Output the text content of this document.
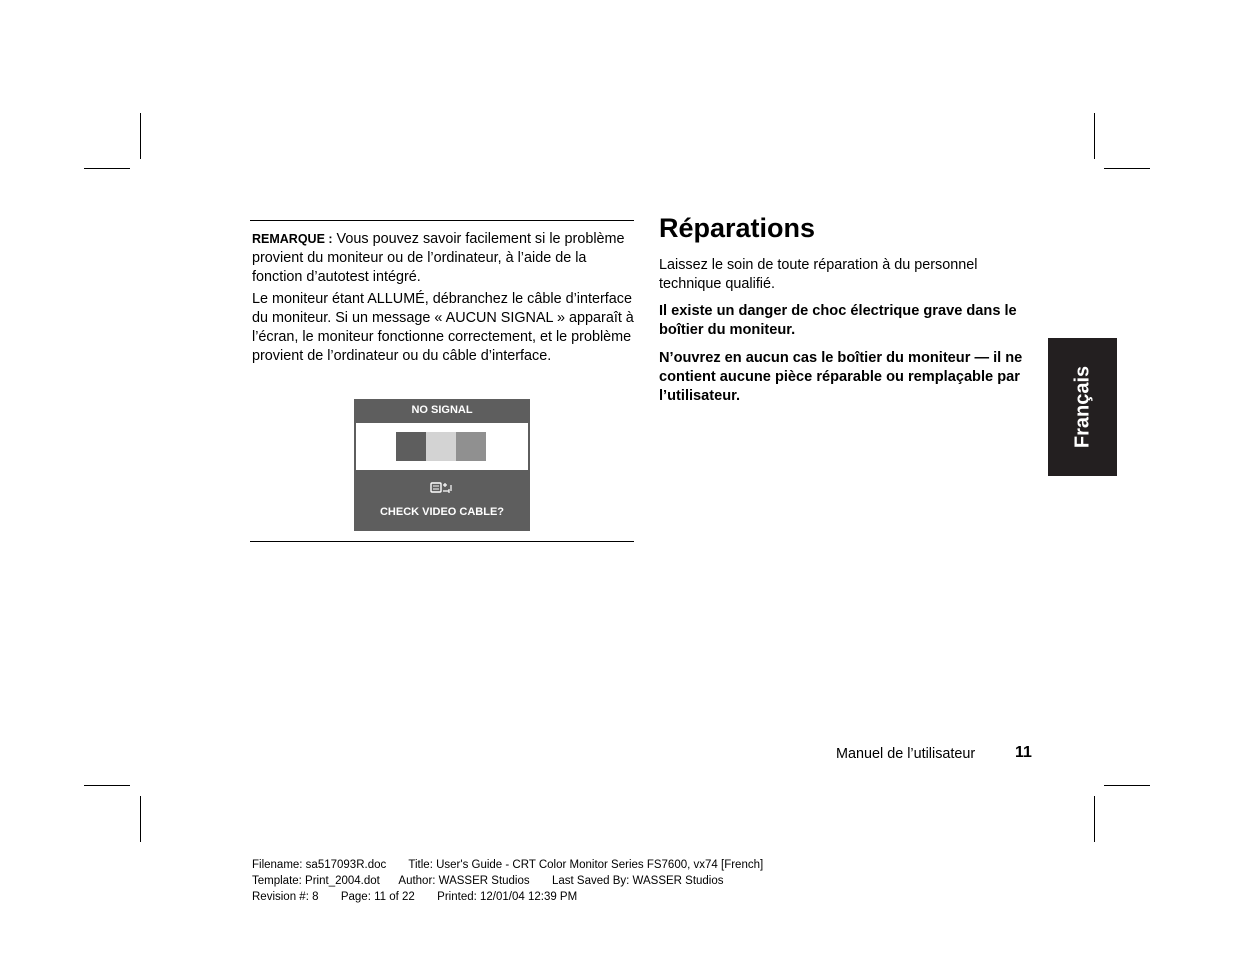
REMARQUE : Vous pouvez savoir facilement si le problème provient du moniteur ou de l’ordinateur, à l’aide de la fonction d’autotest intégré.

Le moniteur étant ALLUMÉ, débranchez le câble d’interface du moniteur. Si un message « AUCUN SIGNAL » apparaît à l’écran, le moniteur fonctionne correctement, et le problème provient de l’ordinateur ou du câble d’interface.

NO SIGNAL
CHECK VIDEO CABLE?
Réparations

Laissez le soin de toute réparation à du personnel technique qualifié.

Il existe un danger de choc électrique grave dans le boîtier du moniteur.

N’ouvrez en aucun cas le boîtier du moniteur — il ne contient aucune pièce réparable ou remplaçable par l’utilisateur.	Français
Manuel de l’utilisateur 11
Filename: sa517093R.doc       Title: User's Guide - CRT Color Monitor Series FS7600, vx74 [French]
Template: Print_2004.dot      Author: WASSER Studios       Last Saved By: WASSER Studios
Revision #: 8       Page: 11 of 22       Printed: 12/01/04 12:39 PM
